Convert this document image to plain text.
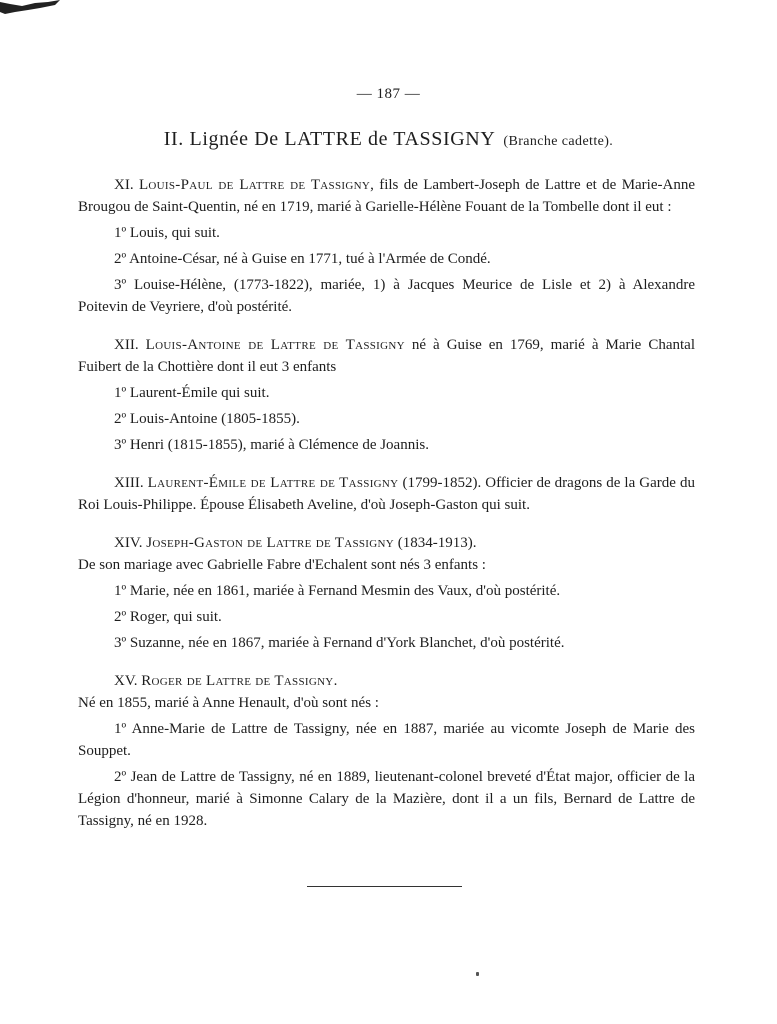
— 187 —
II. Lignée De LATTRE de TASSIGNY (Branche cadette).

XI. Louis-Paul de Lattre de Tassigny, fils de Lambert-Joseph de Lattre et de Marie-Anne Brougou de Saint-Quentin, né en 1719, marié à Garielle-Hélène Fouant de la Tombelle dont il eut :

1º Louis, qui suit.

2º Antoine-César, né à Guise en 1771, tué à l'Armée de Condé.

3º Louise-Hélène, (1773-1822), mariée, 1) à Jacques Meurice de Lisle et 2) à Alexandre Poitevin de Veyriere, d'où postérité.

XII. Louis-Antoine de Lattre de Tassigny né à Guise en 1769, marié à Marie Chantal Fuibert de la Chottière dont il eut 3 enfants

1º Laurent-Émile qui suit.

2º Louis-Antoine (1805-1855).

3º Henri (1815-1855), marié à Clémence de Joannis.

XIII. Laurent-Émile de Lattre de Tassigny (1799-1852). Officier de dragons de la Garde du Roi Louis-Philippe. Épouse Élisabeth Aveline, d'où Joseph-Gaston qui suit.

XIV. Joseph-Gaston de Lattre de Tassigny (1834-1913).

De son mariage avec Gabrielle Fabre d'Echalent sont nés 3 enfants :

1º Marie, née en 1861, mariée à Fernand Mesmin des Vaux, d'où postérité.

2º Roger, qui suit.

3º Suzanne, née en 1867, mariée à Fernand d'York Blanchet, d'où postérité.

XV. Roger de Lattre de Tassigny.

Né en 1855, marié à Anne Henault, d'où sont nés :

1º Anne-Marie de Lattre de Tassigny, née en 1887, mariée au vicomte Joseph de Marie des Souppet.

2º Jean de Lattre de Tassigny, né en 1889, lieutenant-colonel breveté d'État major, officier de la Légion d'honneur, marié à Simonne Calary de la Mazière, dont il a un fils, Bernard de Lattre de Tassigny, né en 1928.
